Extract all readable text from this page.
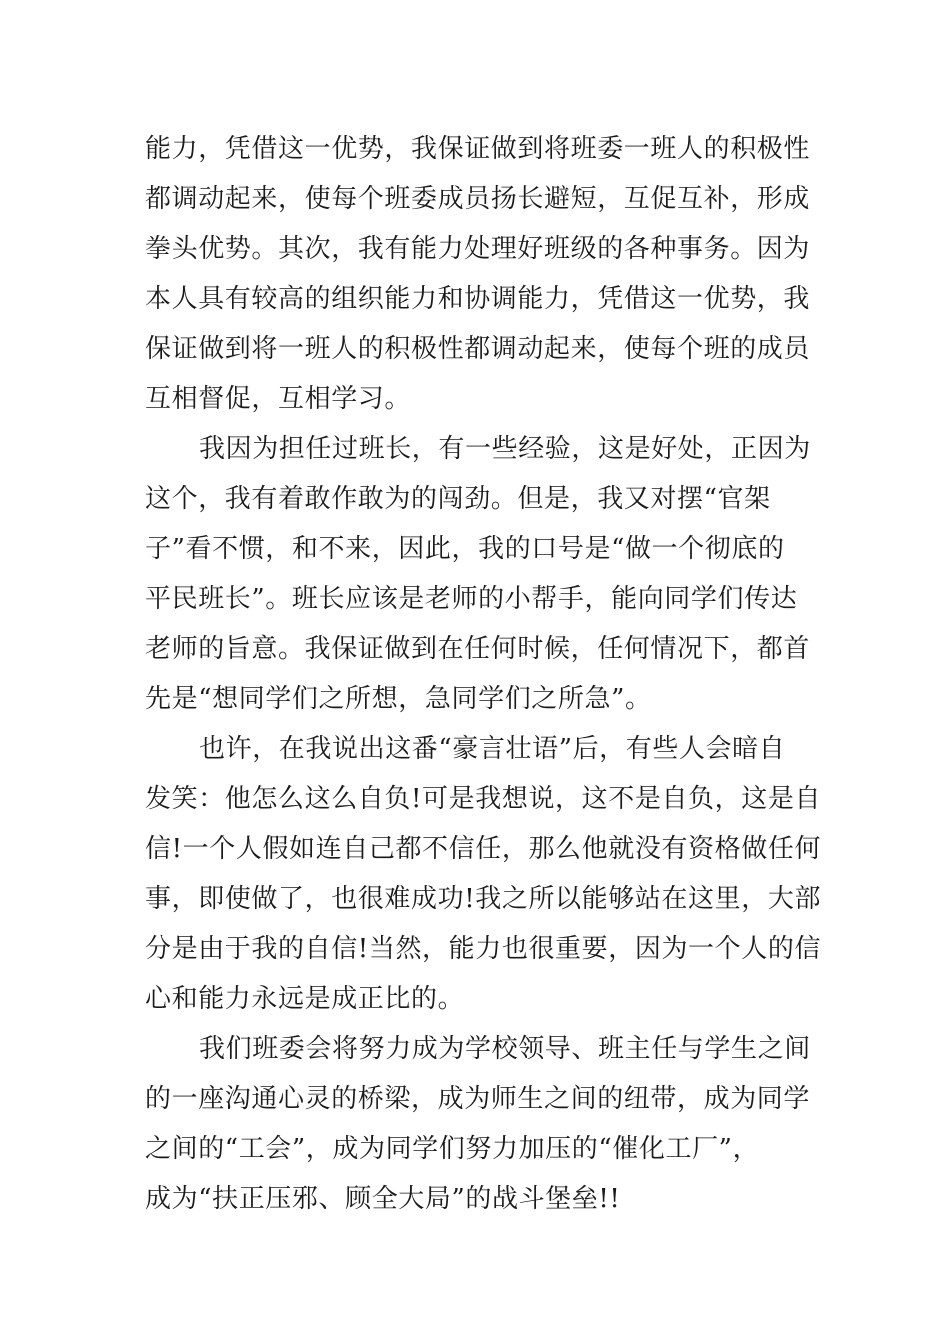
能力，凭借这一优势，我保证做到将班委一班人的积极性
都调动起来，使每个班委成员扬长避短，互促互补，形成
拳头优势。其次，我有能力处理好班级的各种事务。因为
本人具有较高的组织能力和协调能力，凭借这一优势，我
保证做到将一班人的积极性都调动起来，使每个班的成员
互相督促，互相学习。
我因为担任过班长，有一些经验，这是好处，正因为
这个，我有着敢作敢为的闯劲。但是，我又对摆“官架
子”看不惯，和不来，因此，我的口号是“做一个彻底的
平民班长”。班长应该是老师的小帮手，能向同学们传达
老师的旨意。我保证做到在任何时候，任何情况下，都首
先是“想同学们之所想，急同学们之所急”。
也许，在我说出这番“豪言壮语”后，有些人会暗自
发笑：他怎么这么自负!可是我想说，这不是自负，这是自
信!一个人假如连自己都不信任，那么他就没有资格做任何
事，即使做了，也很难成功!我之所以能够站在这里，大部
分是由于我的自信!当然，能力也很重要，因为一个人的信
心和能力永远是成正比的。
我们班委会将努力成为学校领导、班主任与学生之间
的一座沟通心灵的桥梁，成为师生之间的纽带，成为同学
之间的“工会”，成为同学们努力加压的“催化工厂”，
成为“扶正压邪、顾全大局”的战斗堡垒!!
